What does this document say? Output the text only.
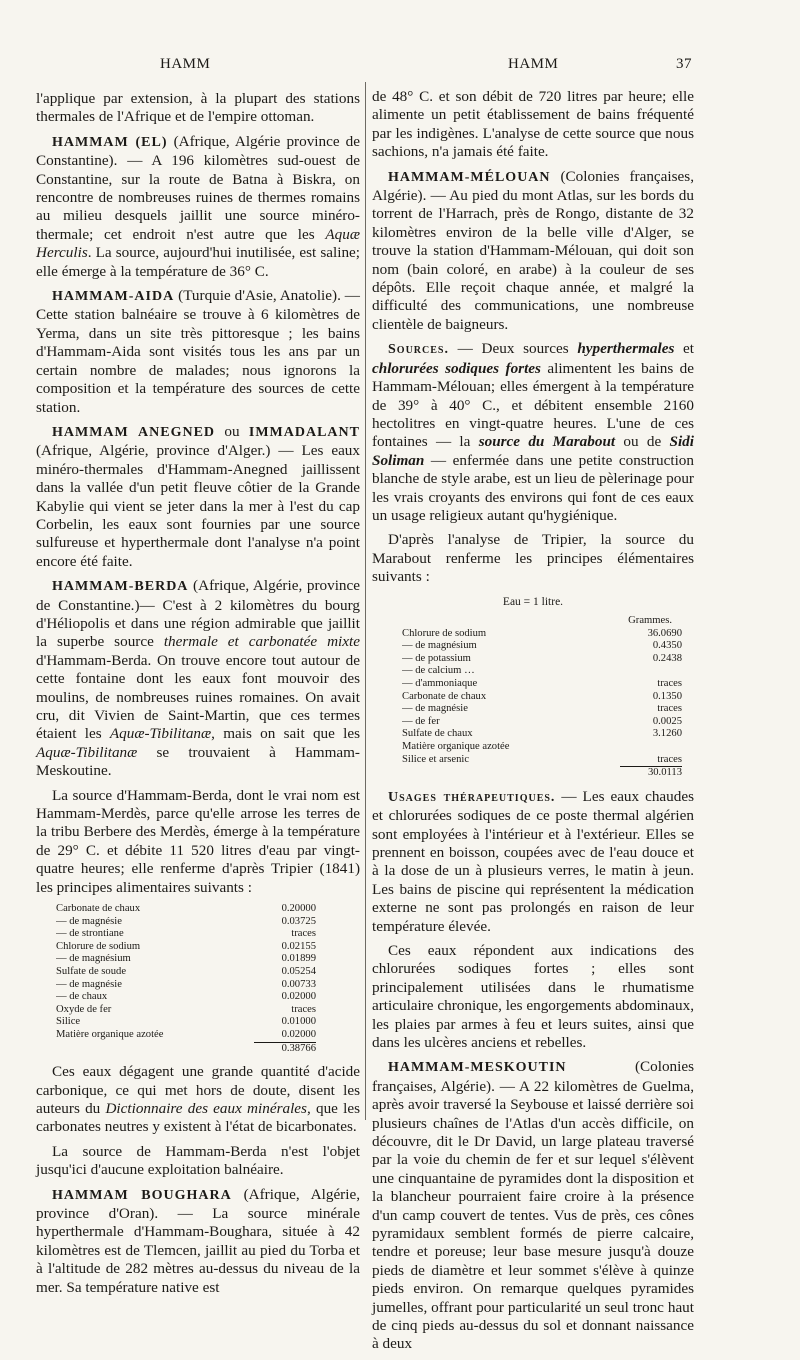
HAMM	HAMM	37

l'applique par extension, à la plupart des stations thermales de l'Afrique et de l'empire ottoman.

HAMMAM (EL) (Afrique, Algérie province de Constantine). — A 196 kilomètres sud-ouest de Constantine, sur la route de Batna à Biskra, on rencontre de nombreuses ruines de thermes romains au milieu desquels jaillit une source minéro-thermale; cet endroit n'est autre que les Aquæ Herculis. La source, aujourd'hui inutilisée, est saline; elle émerge à la température de 36° C.

HAMMAM-AIDA (Turquie d'Asie, Anatolie). — Cette station balnéaire se trouve à 6 kilomètres de Yerma, dans un site très pittoresque ; les bains d'Hammam-Aida sont visités tous les ans par un certain nombre de malades; nous ignorons la composition et la température des sources de cette station.

HAMMAM ANEGNED ou IMMADALANT (Afrique, Algérie, province d'Alger.) — Les eaux minéro-thermales d'Hammam-Anegned jaillissent dans la vallée d'un petit fleuve côtier de la Grande Kabylie qui vient se jeter dans la mer à l'est du cap Corbelin, les eaux sont fournies par une source sulfureuse et hyperthermale dont l'analyse n'a point encore été faite.

HAMMAM-BERDA (Afrique, Algérie, province de Constantine.)— C'est à 2 kilomètres du bourg d'Héliopolis et dans une région admirable que jaillit la superbe source thermale et carbonatée mixte d'Hammam-Berda. On trouve encore tout autour de cette fontaine dont les eaux font mouvoir des moulins, de nombreuses ruines romaines. On avait cru, dit Vivien de Saint-Martin, que ces termes étaient les Aquæ-Tibilitanæ, mais on sait que les Aquæ-Tibilitanæ se trouvaient à Hammam-Meskoutine.

La source d'Hammam-Berda, dont le vrai nom est Hammam-Merdès, parce qu'elle arrose les terres de la tribu Berbere des Merdès, émerge à la température de 29° C. et débite 11 520 litres d'eau par vingt-quatre heures; elle renferme d'après Tripier (1841) les principes alimentaires suivants :

Carbonate de chaux	0.20000
— de magnésie	0.03725
— de strontiane	traces
Chlorure de sodium	0.02155
— de magnésium	0.01899
Sulfate de soude	0.05254
— de magnésie	0.00733
— de chaux	0.02000
Oxyde de fer	traces
Silice	0.01000
Matière organique azotée	0.02000
0.38766

Ces eaux dégagent une grande quantité d'acide carbonique, ce qui met hors de doute, disent les auteurs du Dictionnaire des eaux minérales, que les carbonates neutres y existent à l'état de bicarbonates.

La source de Hammam-Berda n'est l'objet jusqu'ici d'aucune exploitation balnéaire.

HAMMAM BOUGHARA (Afrique, Algérie, province d'Oran). — La source minérale hyperthermale d'Hammam-Boughara, située à 42 kilomètres est de Tlemcen, jaillit au pied du Torba et à l'altitude de 282 mètres au-dessus du niveau de la mer. Sa température native est

de 48° C. et son débit de 720 litres par heure; elle alimente un petit établissement de bains fréquenté par les indigènes. L'analyse de cette source que nous sachions, n'a jamais été faite.

HAMMAM-MÉLOUAN (Colonies françaises, Algérie). — Au pied du mont Atlas, sur les bords du torrent de l'Harrach, près de Rongo, distante de 32 kilomètres environ de la belle ville d'Alger, se trouve la station d'Hammam-Mélouan, qui doit son nom (bain coloré, en arabe) à la couleur de ses dépôts. Elle reçoit chaque année, et malgré la difficulté des communications, une nombreuse clientèle de baigneurs.

Sources. — Deux sources hyperthermales et chlorurées sodiques fortes alimentent les bains de Hammam-Mélouan; elles émergent à la température de 39° à 40° C., et débitent ensemble 2160 hectolitres en vingt-quatre heures. L'une de ces fontaines — la source du Marabout ou de Sidi Soliman — enfermée dans une petite construction blanche de style arabe, est un lieu de pèlerinage pour les vrais croyants des environs qui font de ces eaux un usage religieux autant qu'hygiénique.

D'après l'analyse de Tripier, la source du Marabout renferme les principes élémentaires suivants :

Eau = 1 litre.
Grammes.
Chlorure de sodium	36.0690
— de magnésium	0.4350
— de potassium	0.2438
— de calcium …
— d'ammoniaque	traces
Carbonate de chaux	0.1350
— de magnésie	traces
— de fer	0.0025
Sulfate de chaux	3.1260
Matière organique azotée
Silice et arsenic	traces
30.0113

Usages thérapeutiques. — Les eaux chaudes et chlorurées sodiques de ce poste thermal algérien sont employées à l'intérieur et à l'extérieur. Elles se prennent en boisson, coupées avec de l'eau douce et à la dose de un à plusieurs verres, le matin à jeun. Les bains de piscine qui représentent la médication externe ne sont pas prolongés en raison de leur température élevée.

Ces eaux répondent aux indications des chlorurées sodiques fortes ; elles sont principalement utilisées dans le rhumatisme articulaire chronique, les engorgements abdominaux, les plaies par armes à feu et leurs suites, ainsi que dans les ulcères anciens et rebelles.

HAMMAM-MESKOUTIN (Colonies françaises, Algérie). — A 22 kilomètres de Guelma, après avoir traversé la Seybouse et laissé derrière soi plusieurs chaînes de l'Atlas d'un accès difficile, on découvre, dit le Dr David, un large plateau traversé par la voie du chemin de fer et sur lequel s'élèvent une cinquantaine de pyramides dont la disposition et la blancheur pourraient faire croire à la présence d'un camp couvert de tentes. Vus de près, ces cônes pyramidaux semblent formés de pierre calcaire, tendre et poreuse; leur base mesure jusqu'à douze pieds de diamètre et leur sommet s'élève à quinze pieds environ. On remarque quelques pyramides jumelles, offrant pour particularité un seul tronc haut de cinq pieds au-dessus du sol et donnant naissance à deux
